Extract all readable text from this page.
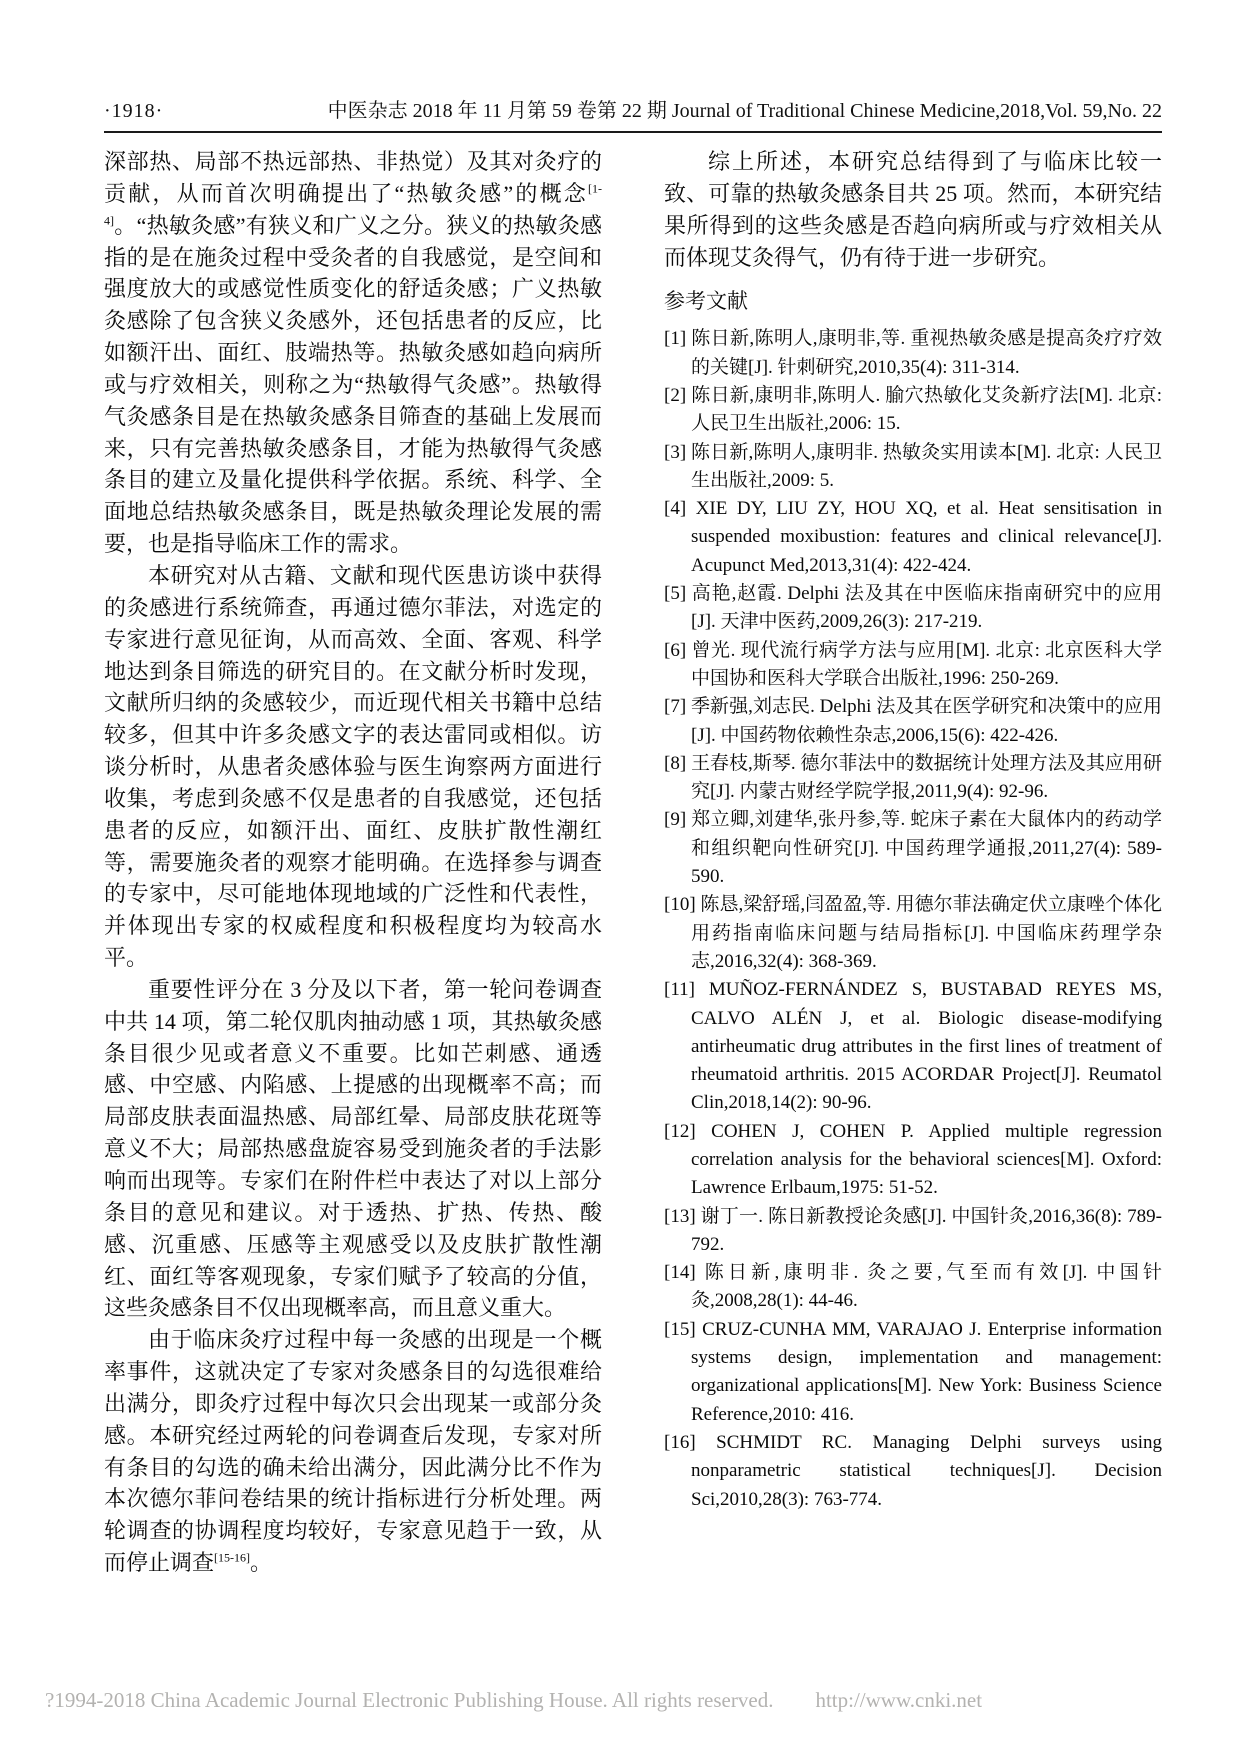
·1918·	中医杂志 2018 年 11 月第 59 卷第 22 期 Journal of Traditional Chinese Medicine,2018,Vol. 59,No. 22
深部热、局部不热远部热、非热觉）及其对灸疗的贡献，从而首次明确提出了“热敏灸感”的概念[1-4]。“热敏灸感”有狭义和广义之分。狭义的热敏灸感指的是在施灸过程中受灸者的自我感觉，是空间和强度放大的或感觉性质变化的舒适灸感；广义热敏灸感除了包含狭义灸感外，还包括患者的反应，比如额汗出、面红、肢端热等。热敏灸感如趋向病所或与疗效相关，则称之为“热敏得气灸感”。热敏得气灸感条目是在热敏灸感条目筛查的基础上发展而来，只有完善热敏灸感条目，才能为热敏得气灸感条目的建立及量化提供科学依据。系统、科学、全面地总结热敏灸感条目，既是热敏灸理论发展的需要，也是指导临床工作的需求。
本研究对从古籍、文献和现代医患访谈中获得的灸感进行系统筛查，再通过德尔菲法，对选定的专家进行意见征询，从而高效、全面、客观、科学地达到条目筛选的研究目的。在文献分析时发现，文献所归纳的灸感较少，而近现代相关书籍中总结较多，但其中许多灸感文字的表达雷同或相似。访谈分析时，从患者灸感体验与医生询察两方面进行收集，考虑到灸感不仅是患者的自我感觉，还包括患者的反应，如额汗出、面红、皮肤扩散性潮红等，需要施灸者的观察才能明确。在选择参与调查的专家中，尽可能地体现地域的广泛性和代表性，并体现出专家的权威程度和积极程度均为较高水平。
重要性评分在 3 分及以下者，第一轮问卷调查中共 14 项，第二轮仅肌肉抽动感 1 项，其热敏灸感条目很少见或者意义不重要。比如芒刺感、通透感、中空感、内陷感、上提感的出现概率不高；而局部皮肤表面温热感、局部红晕、局部皮肤花斑等意义不大；局部热感盘旋容易受到施灸者的手法影响而出现等。专家们在附件栏中表达了对以上部分条目的意见和建议。对于透热、扩热、传热、酸感、沉重感、压感等主观感受以及皮肤扩散性潮红、面红等客观现象，专家们赋予了较高的分值，这些灸感条目不仅出现概率高，而且意义重大。
由于临床灸疗过程中每一灸感的出现是一个概率事件，这就决定了专家对灸感条目的勾选很难给出满分，即灸疗过程中每次只会出现某一或部分灸感。本研究经过两轮的问卷调查后发现，专家对所有条目的勾选的确未给出满分，因此满分比不作为本次德尔菲问卷结果的统计指标进行分析处理。两轮调查的协调程度均较好，专家意见趋于一致，从而停止调查[15-16]。
综上所述，本研究总结得到了与临床比较一致、可靠的热敏灸感条目共 25 项。然而，本研究结果所得到的这些灸感是否趋向病所或与疗效相关从而体现艾灸得气，仍有待于进一步研究。
参考文献
[1] 陈日新,陈明人,康明非,等. 重视热敏灸感是提高灸疗疗效的关键[J]. 针刺研究,2010,35(4): 311-314.
[2] 陈日新,康明非,陈明人. 腧穴热敏化艾灸新疗法[M]. 北京: 人民卫生出版社,2006: 15.
[3] 陈日新,陈明人,康明非. 热敏灸实用读本[M]. 北京: 人民卫生出版社,2009: 5.
[4] XIE DY, LIU ZY, HOU XQ, et al. Heat sensitisation in suspended moxibustion: features and clinical relevance[J]. Acupunct Med,2013,31(4): 422-424.
[5] 高艳,赵霞. Delphi 法及其在中医临床指南研究中的应用[J]. 天津中医药,2009,26(3): 217-219.
[6] 曾光. 现代流行病学方法与应用[M]. 北京: 北京医科大学中国协和医科大学联合出版社,1996: 250-269.
[7] 季新强,刘志民. Delphi 法及其在医学研究和决策中的应用[J]. 中国药物依赖性杂志,2006,15(6): 422-426.
[8] 王春枝,斯琴. 德尔菲法中的数据统计处理方法及其应用研究[J]. 内蒙古财经学院学报,2011,9(4): 92-96.
[9] 郑立卿,刘建华,张丹参,等. 蛇床子素在大鼠体内的药动学和组织靶向性研究[J]. 中国药理学通报,2011,27(4): 589-590.
[10] 陈恳,梁舒瑶,闫盈盈,等. 用德尔菲法确定伏立康唑个体化用药指南临床问题与结局指标[J]. 中国临床药理学杂志,2016,32(4): 368-369.
[11] MUÑOZ-FERNÁNDEZ S, BUSTABAD REYES MS, CALVO ALÉN J, et al. Biologic disease-modifying antirheumatic drug attributes in the first lines of treatment of rheumatoid arthritis. 2015 ACORDAR Project[J]. Reumatol Clin,2018,14(2): 90-96.
[12] COHEN J, COHEN P. Applied multiple regression correlation analysis for the behavioral sciences[M]. Oxford: Lawrence Erlbaum,1975: 51-52.
[13] 谢丁一. 陈日新教授论灸感[J]. 中国针灸,2016,36(8): 789-792.
[14] 陈日新,康明非. 灸之要,气至而有效[J]. 中国针灸,2008,28(1): 44-46.
[15] CRUZ-CUNHA MM, VARAJAO J. Enterprise information systems design, implementation and management: organizational applications[M]. New York: Business Science Reference,2010: 416.
[16] SCHMIDT RC. Managing Delphi surveys using nonparametric statistical techniques[J]. Decision Sci,2010,28(3): 763-774.
?1994-2018 China Academic Journal Electronic Publishing House. All rights reserved. http://www.cnki.net
